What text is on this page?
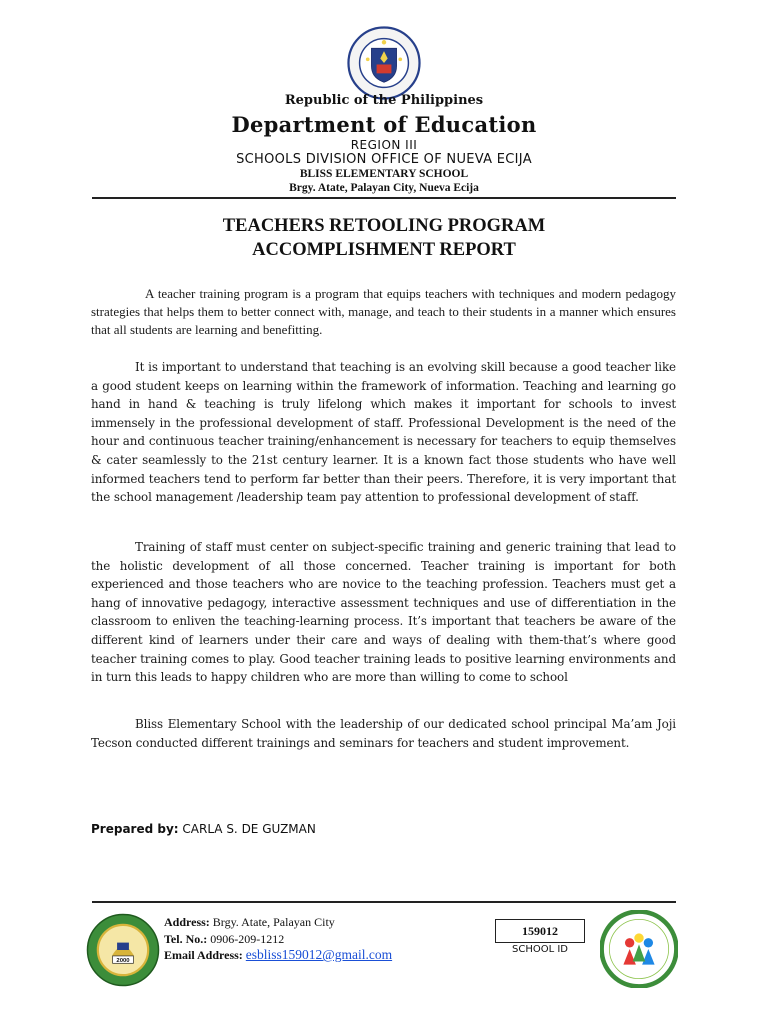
Republic of the Philippines
Department of Education
REGION III
SCHOOLS DIVISION OFFICE OF NUEVA ECIJA
BLISS ELEMENTARY SCHOOL
Brgy. Atate, Palayan City, Nueva Ecija
TEACHERS RETOOLING PROGRAM
ACCOMPLISHMENT REPORT

A teacher training program is a program that equips teachers with techniques and modern pedagogy strategies that helps them to better connect with, manage, and teach to their students in a manner which ensures that all students are learning and benefitting.

It is important to understand that teaching is an evolving skill because a good teacher like a good student keeps on learning within the framework of information. Teaching and learning go hand in hand & teaching is truly lifelong which makes it important for schools to invest immensely in the professional development of staff. Professional Development is the need of the hour and continuous teacher training/enhancement is necessary for teachers to equip themselves & cater seamlessly to the 21st century learner. It is a known fact those students who have well informed teachers tend to perform far better than their peers. Therefore, it is very important that the school management /leadership team pay attention to professional development of staff.

Training of staff must center on subject-specific training and generic training that lead to the holistic development of all those concerned. Teacher training is important for both experienced and those teachers who are novice to the teaching profession. Teachers must get a hang of innovative pedagogy, interactive assessment techniques and use of differentiation in the classroom to enliven the teaching-learning process. It’s important that teachers be aware of the different kind of learners under their care and ways of dealing with them-that’s where good teacher training comes to play. Good teacher training leads to positive learning environments and in turn this leads to happy children who are more than willing to come to school

Bliss Elementary School with the leadership of our dedicated school principal Ma’am Joji Tecson conducted different trainings and seminars for teachers and student improvement.

Prepared by: CARLA S. DE GUZMAN
2000
Address: Brgy. Atate, Palayan City
Tel. No.: 0906-209-1212
Email Address: esbliss159012@gmail.com
159012
SCHOOL ID
